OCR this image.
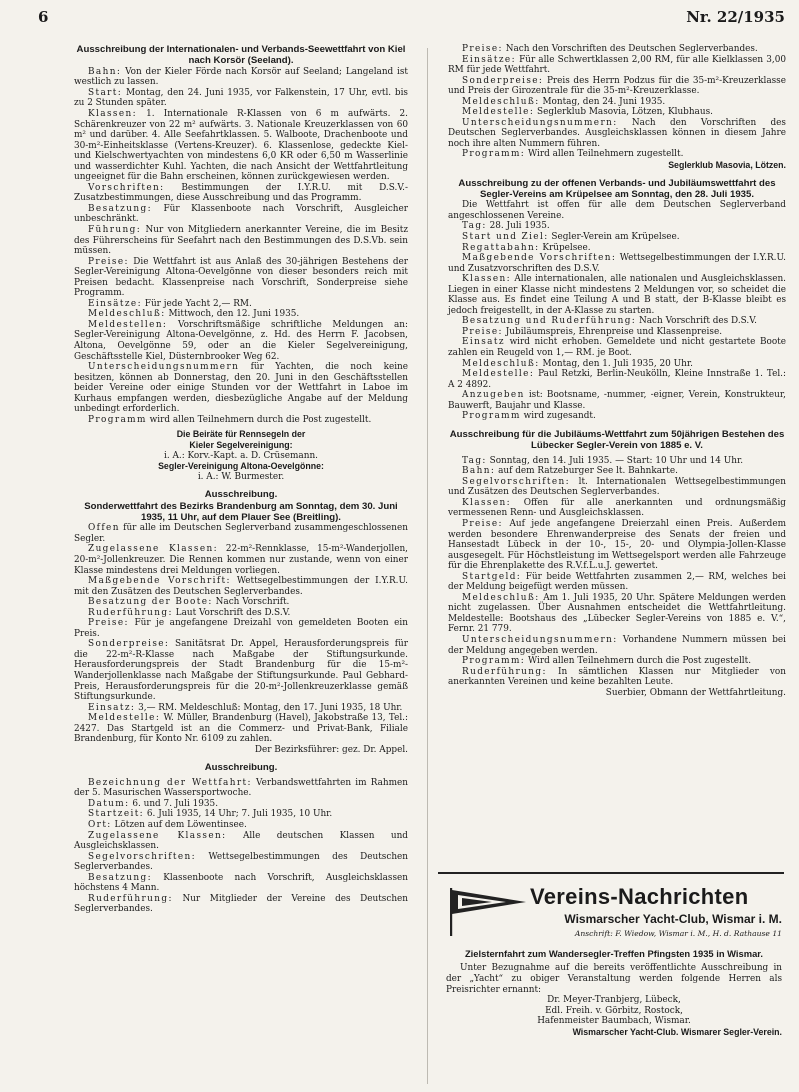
6	Nr. 22/1935
Ausschreibung der Internationalen- und Verbands-Seewettfahrt von Kiel nach Korsör (Seeland).

Bahn: Von der Kieler Förde nach Korsör auf Seeland; Langeland ist westlich zu lassen.

Start: Montag, den 24. Juni 1935, vor Falkenstein, 17 Uhr, evtl. bis zu 2 Stunden später.

Klassen: 1. Internationale R-Klassen von 6 m aufwärts. 2. Schärenkreuzer von 22 m² aufwärts. 3. Nationale Kreuzerklassen von 60 m² und darüber. 4. Alle Seefahrtklassen. 5. Walboote, Drachenboote und 30-m²-Einheitsklasse (Vertens-Kreuzer). 6. Klassenlose, gedeckte Kiel- und Kielschwertyachten von mindestens 6,0 KR oder 6,50 m Wasserlinie und wasserdichter Kuhl. Yachten, die nach Ansicht der Wettfahrtleitung ungeeignet für die Bahn erscheinen, können zurückgewiesen werden.

Vorschriften: Bestimmungen der I.Y.R.U. mit D.S.V.-Zusatzbestimmungen, diese Ausschreibung und das Programm.

Besatzung: Für Klassenboote nach Vorschrift, Ausgleicher unbeschränkt.

Führung: Nur von Mitgliedern anerkannter Vereine, die im Besitz des Führerscheins für Seefahrt nach den Bestimmungen des D.S.Vb. sein müssen.

Preise: Die Wettfahrt ist aus Anlaß des 30-jährigen Bestehens der Segler-Vereinigung Altona-Oevelgönne von dieser besonders reich mit Preisen bedacht. Klassenpreise nach Vorschrift, Sonderpreise siehe Programm.

Einsätze: Für jede Yacht 2,— RM.

Meldeschluß: Mittwoch, den 12. Juni 1935.

Meldestellen: Vorschriftsmäßige schriftliche Meldungen an: Segler-Vereinigung Altona-Oevelgönne, z. Hd. des Herrn F. Jacobsen, Altona, Oevelgönne 59, oder an die Kieler Segelvereinigung, Geschäftsstelle Kiel, Düsternbrooker Weg 62.

Unterscheidungsnummern für Yachten, die noch keine besitzen, können ab Donnerstag, den 20. Juni in den Geschäftsstellen beider Vereine oder einige Stunden vor der Wettfahrt in Laboe im Kurhaus empfangen werden, diesbezügliche Angabe auf der Meldung unbedingt erforderlich.

Programm wird allen Teilnehmern durch die Post zugestellt.

Die Beiräte für Rennsegeln der

Kieler Segelvereinigung:

i. A.: Korv.-Kapt. a. D. Crüsemann.

Segler-Vereinigung Altona-Oevelgönne:

i. A.: W. Burmester.

Ausschreibung.
Sonderwettfahrt des Bezirks Brandenburg am Sonntag, dem 30. Juni 1935, 11 Uhr, auf dem Plauer See (Breitling).

Offen für alle im Deutschen Seglerverband zusammengeschlossenen Segler.

Zugelassene Klassen: 22-m²-Rennklasse, 15-m²-Wanderjollen, 20-m²-Jollenkreuzer. Die Rennen kommen nur zustande, wenn von einer Klasse mindestens drei Meldungen vorliegen.

Maßgebende Vorschrift: Wettsegelbestimmungen der I.Y.R.U. mit den Zusätzen des Deutschen Seglerverbandes.

Besatzung der Boote: Nach Vorschrift.

Ruderführung: Laut Vorschrift des D.S.V.

Preise: Für je angefangene Dreizahl von gemeldeten Booten ein Preis.

Sonderpreise: Sanitätsrat Dr. Appel, Herausforderungspreis für die 22-m²-R-Klasse nach Maßgabe der Stiftungsurkunde. Herausforderungspreis der Stadt Brandenburg für die 15-m²-Wanderjollenklasse nach Maßgabe der Stiftungsurkunde. Paul Gebhard-Preis, Herausforderungspreis für die 20-m²-Jollenkreuzerklasse gemäß Stiftungsurkunde.

Einsatz: 3,— RM. Meldeschluß: Montag, den 17. Juni 1935, 18 Uhr.

Meldestelle: W. Müller, Brandenburg (Havel), Jakobstraße 13, Tel.: 2427. Das Startgeld ist an die Commerz- und Privat-Bank, Filiale Brandenburg, für Konto Nr. 6109 zu zahlen.

Der Bezirksführer: gez. Dr. Appel.

Ausschreibung.

Bezeichnung der Wettfahrt: Verbandswettfahrten im Rahmen der 5. Masurischen Wassersportwoche.

Datum: 6. und 7. Juli 1935.

Startzeit: 6. Juli 1935, 14 Uhr; 7. Juli 1935, 10 Uhr.

Ort: Lötzen auf dem Löwentinsee.

Zugelassene Klassen: Alle deutschen Klassen und Ausgleichsklassen.

Segelvorschriften: Wettsegelbestimmungen des Deutschen Seglerverbandes.

Besatzung: Klassenboote nach Vorschrift, Ausgleichsklassen höchstens 4 Mann.

Ruderführung: Nur Mitglieder der Vereine des Deutschen Seglerverbandes.

Preise: Nach den Vorschriften des Deutschen Seglerverbandes.

Einsätze: Für alle Schwertklassen 2,00 RM, für alle Kielklassen 3,00 RM für jede Wettfahrt.

Sonderpreise: Preis des Herrn Podzus für die 35-m²-Kreuzerklasse und Preis der Girozentrale für die 35-m²-Kreuzerklasse.

Meldeschluß: Montag, den 24. Juni 1935.

Meldestelle: Seglerklub Masovia, Lötzen, Klubhaus.

Unterscheidungsnummern: Nach den Vorschriften des Deutschen Seglerverbandes. Ausgleichsklassen können in diesem Jahre noch ihre alten Nummern führen.

Programm: Wird allen Teilnehmern zugestellt.

Seglerklub Masovia, Lötzen.

Ausschreibung zu der offenen Verbands- und Jubiläumswettfahrt des Segler-Vereins am Krüpelsee am Sonntag, den 28. Juli 1935.

Die Wettfahrt ist offen für alle dem Deutschen Seglerverband angeschlossenen Vereine.

Tag: 28. Juli 1935.

Start und Ziel: Segler-Verein am Krüpelsee.

Regattabahn: Krüpelsee.

Maßgebende Vorschriften: Wettsegelbestimmungen der I.Y.R.U. und Zusatzvorschriften des D.S.V.

Klassen: Alle internationalen, alle nationalen und Ausgleichsklassen. Liegen in einer Klasse nicht mindestens 2 Meldungen vor, so scheidet die Klasse aus. Es findet eine Teilung A und B statt, der B-Klasse bleibt es jedoch freigestellt, in der A-Klasse zu starten.

Besatzung und Ruderführung: Nach Vorschrift des D.S.V.

Preise: Jubiläumspreis, Ehrenpreise und Klassenpreise.

Einsatz wird nicht erhoben. Gemeldete und nicht gestartete Boote zahlen ein Reugeld von 1,— RM. je Boot.

Meldeschluß: Montag, den 1. Juli 1935, 20 Uhr.

Meldestelle: Paul Retzki, Berlin-Neukölln, Kleine Innstraße 1. Tel.: A 2 4892.

Anzugeben ist: Bootsname, -nummer, -eigner, Verein, Konstrukteur, Bauwerft, Baujahr und Klasse.

Programm wird zugesandt.

Ausschreibung für die Jubiläums-Wettfahrt zum 50jährigen Bestehen des Lübecker Segler-Verein von 1885 e. V.

Tag: Sonntag, den 14. Juli 1935. — Start: 10 Uhr und 14 Uhr.

Bahn: auf dem Ratzeburger See lt. Bahnkarte.

Segelvorschriften: lt. Internationalen Wettsegelbestimmungen und Zusätzen des Deutschen Seglerverbandes.

Klassen: Offen für alle anerkannten und ordnungsmäßig vermessenen Renn- und Ausgleichsklassen.

Preise: Auf jede angefangene Dreierzahl einen Preis. Außerdem werden besondere Ehrenwanderpreise des Senats der freien und Hansestadt Lübeck in der 10-, 15-, 20- und Olympia-Jollen-Klasse ausgesegelt. Für Höchstleistung im Wettsegelsport werden alle Fahrzeuge für die Ehrenplakette des R.V.f.L.u.J. gewertet.

Startgeld: Für beide Wettfahrten zusammen 2,— RM, welches bei der Meldung beigefügt werden müssen.

Meldeschluß: Am 1. Juli 1935, 20 Uhr. Spätere Meldungen werden nicht zugelassen. Über Ausnahmen entscheidet die Wettfahrtleitung. Meldestelle: Bootshaus des „Lübecker Segler-Vereins von 1885 e. V.“, Fernr. 21 779.

Unterscheidungsnummern: Vorhandene Nummern müssen bei der Meldung angegeben werden.

Programm: Wird allen Teilnehmern durch die Post zugestellt.

Ruderführung: In sämtlichen Klassen nur Mitglieder von anerkannten Vereinen und keine bezahlten Leute.

Suerbier, Obmann der Wettfahrtleitung.

Vereins-Nachrichten
Wismarscher Yacht-Club, Wismar i. M.
Anschrift: F. Wiedow, Wismar i. M., H. d. Rathause 11
Zielsternfahrt zum Wandersegler-Treffen Pfingsten 1935 in Wismar.

Unter Bezugnahme auf die bereits veröffentlichte Ausschreibung in der „Yacht“ zu obiger Veranstaltung werden folgende Herren als Preisrichter ernannt:

Dr. Meyer-Tranbjerg, Lübeck,

Edl. Freih. v. Görbitz, Rostock,

Hafenmeister Baumbach, Wismar.

Wismarscher Yacht-Club. Wismarer Segler-Verein.
